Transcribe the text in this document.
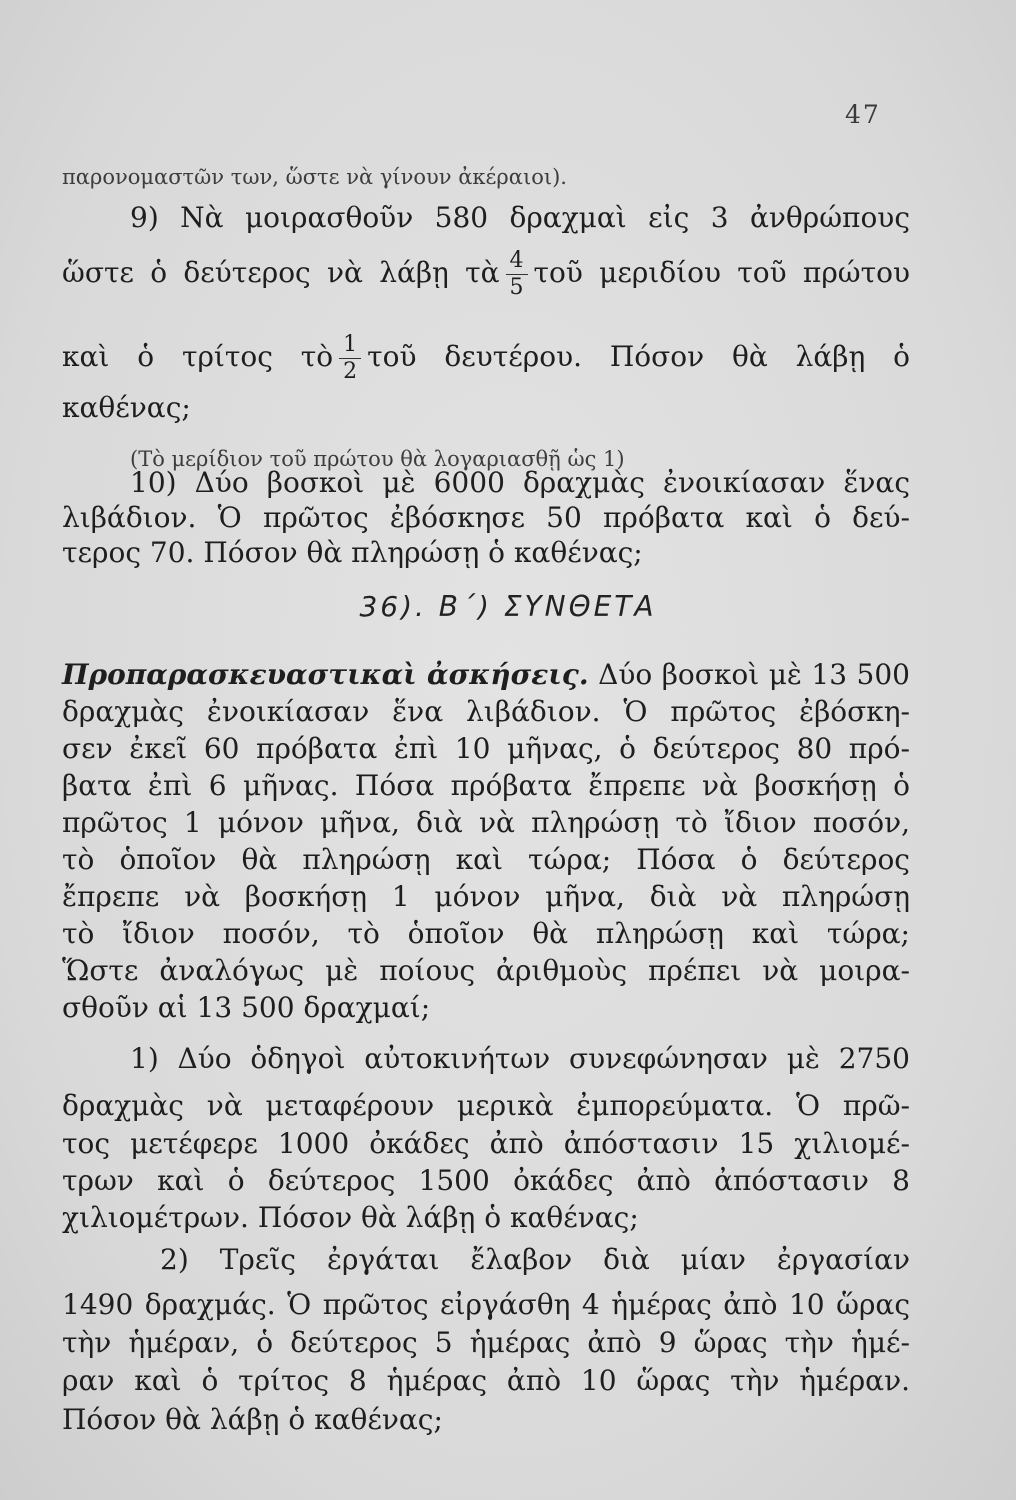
47
παρονομαστῶν των, ὥστε νὰ γίνουν ἀκέραιοι).
9) Νὰ μοιρασθοῦν 580 δραχμαὶ εἰς 3 ἀνθρώπους
ὥστε ὁ δεύτερος νὰ λάβῃ τὰ $\frac{4}{5}$ τοῦ μεριδίου τοῦ πρώτου
καὶ ὁ τρίτος τὸ $\frac{1}{2}$ τοῦ δευτέρου. Πόσον θὰ λάβῃ ὁ
καθένας;
(Τὸ μερίδιον τοῦ πρώτου θὰ λογαριασθῇ ὡς 1)
10) Δύο βοσκοὶ μὲ 6000 δραχμὰς ἐνοικίασαν ἕνας
λιβάδιον. Ὁ πρῶτος ἐβόσκησε 50 πρόβατα καὶ ὁ δεύ-
τερος 70. Πόσον θὰ πληρώσῃ ὁ καθένας;
36). Β΄) ΣΥΝΘΕΤΑ
Προπαρασκευαστικαὶ ἀσκήσεις. Δύο βοσκοὶ μὲ 13 500
δραχμὰς ἐνοικίασαν ἕνα λιβάδιον. Ὁ πρῶτος ἐβόσκη-
σεν ἐκεῖ 60 πρόβατα ἐπὶ 10 μῆνας, ὁ δεύτερος 80 πρό-
βατα ἐπὶ 6 μῆνας. Πόσα πρόβατα ἔπρεπε νὰ βοσκήσῃ ὁ
πρῶτος 1 μόνον μῆνα, διὰ νὰ πληρώσῃ τὸ ἴδιον ποσόν,
τὸ ὁποῖον θὰ πληρώσῃ καὶ τώρα; Πόσα ὁ δεύτερος
ἔπρεπε νὰ βοσκήσῃ 1 μόνον μῆνα, διὰ νὰ πληρώσῃ
τὸ ἴδιον ποσόν, τὸ ὁποῖον θὰ πληρώσῃ καὶ τώρα;
Ὥστε ἀναλόγως μὲ ποίους ἀριθμοὺς πρέπει νὰ μοιρα-
σθοῦν αἱ 13 500 δραχμαί;
1) Δύο ὁδηγοὶ αὐτοκινήτων συνεφώνησαν μὲ 2750
δραχμὰς νὰ μεταφέρουν μερικὰ ἐμπορεύματα. Ὁ πρῶ-
τος μετέφερε 1000 ὀκάδες ἀπὸ ἀπόστασιν 15 χιλιομέ-
τρων καὶ ὁ δεύτερος 1500 ὀκάδες ἀπὸ ἀπόστασιν 8
χιλιομέτρων. Πόσον θὰ λάβῃ ὁ καθένας;
2) Τρεῖς ἐργάται ἔλαβον διὰ μίαν ἐργασίαν
1490 δραχμάς. Ὁ πρῶτος εἰργάσθη 4 ἡμέρας ἀπὸ 10 ὥρας
τὴν ἡμέραν, ὁ δεύτερος 5 ἡμέρας ἀπὸ 9 ὥρας τὴν ἡμέ-
ραν καὶ ὁ τρίτος 8 ἡμέρας ἀπὸ 10 ὥρας τὴν ἡμέραν.
Πόσον θὰ λάβῃ ὁ καθένας;
